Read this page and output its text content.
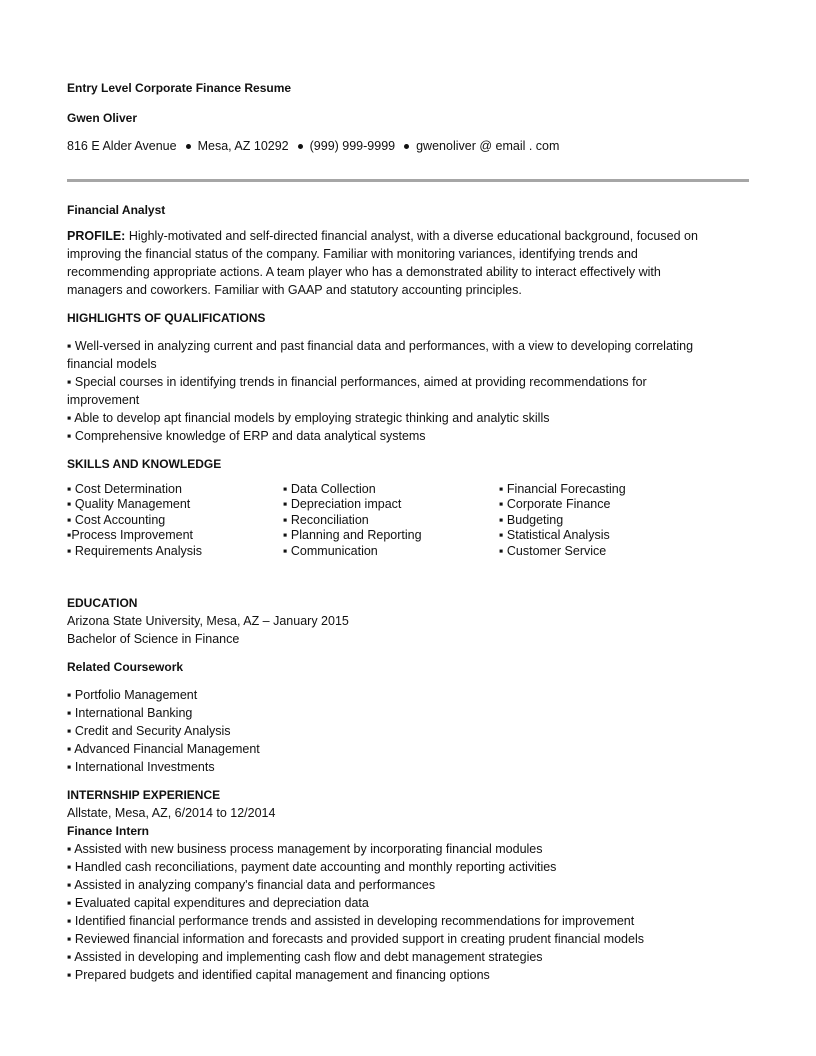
Entry Level Corporate Finance Resume
Gwen Oliver
816 E Alder Avenue Mesa, AZ 10292 (999) 999-9999 gwenoliver @ email . com
Financial Analyst
PROFILE: Highly-motivated and self-directed financial analyst, with a diverse educational background, focused on
improving the financial status of the company. Familiar with monitoring variances, identifying trends and
recommending appropriate actions. A team player who has a demonstrated ability to interact effectively with
managers and coworkers. Familiar with GAAP and statutory accounting principles.
HIGHLIGHTS OF QUALIFICATIONS
▪ Well-versed in analyzing current and past financial data and performances, with a view to developing correlating
financial models
▪ Special courses in identifying trends in financial performances, aimed at providing recommendations for
improvement
▪ Able to develop apt financial models by employing strategic thinking and analytic skills
▪ Comprehensive knowledge of ERP and data analytical systems
SKILLS AND KNOWLEDGE
▪ Cost Determination
▪ Quality Management
▪ Cost Accounting
▪Process Improvement
▪ Requirements Analysis
▪ Data Collection
▪ Depreciation impact
▪ Reconciliation
▪ Planning and Reporting
▪ Communication
▪ Financial Forecasting
▪ Corporate Finance
▪ Budgeting
▪ Statistical Analysis
▪ Customer Service
EDUCATION
Arizona State University, Mesa, AZ – January 2015
Bachelor of Science in Finance
Related Coursework
▪ Portfolio Management
▪ International Banking
▪ Credit and Security Analysis
▪ Advanced Financial Management
▪ International Investments
INTERNSHIP EXPERIENCE
Allstate, Mesa, AZ, 6/2014 to 12/2014
Finance Intern
▪ Assisted with new business process management by incorporating financial modules
▪ Handled cash reconciliations, payment date accounting and monthly reporting activities
▪ Assisted in analyzing company's financial data and performances
▪ Evaluated capital expenditures and depreciation data
▪ Identified financial performance trends and assisted in developing recommendations for improvement
▪ Reviewed financial information and forecasts and provided support in creating prudent financial models
▪ Assisted in developing and implementing cash flow and debt management strategies
▪ Prepared budgets and identified capital management and financing options
